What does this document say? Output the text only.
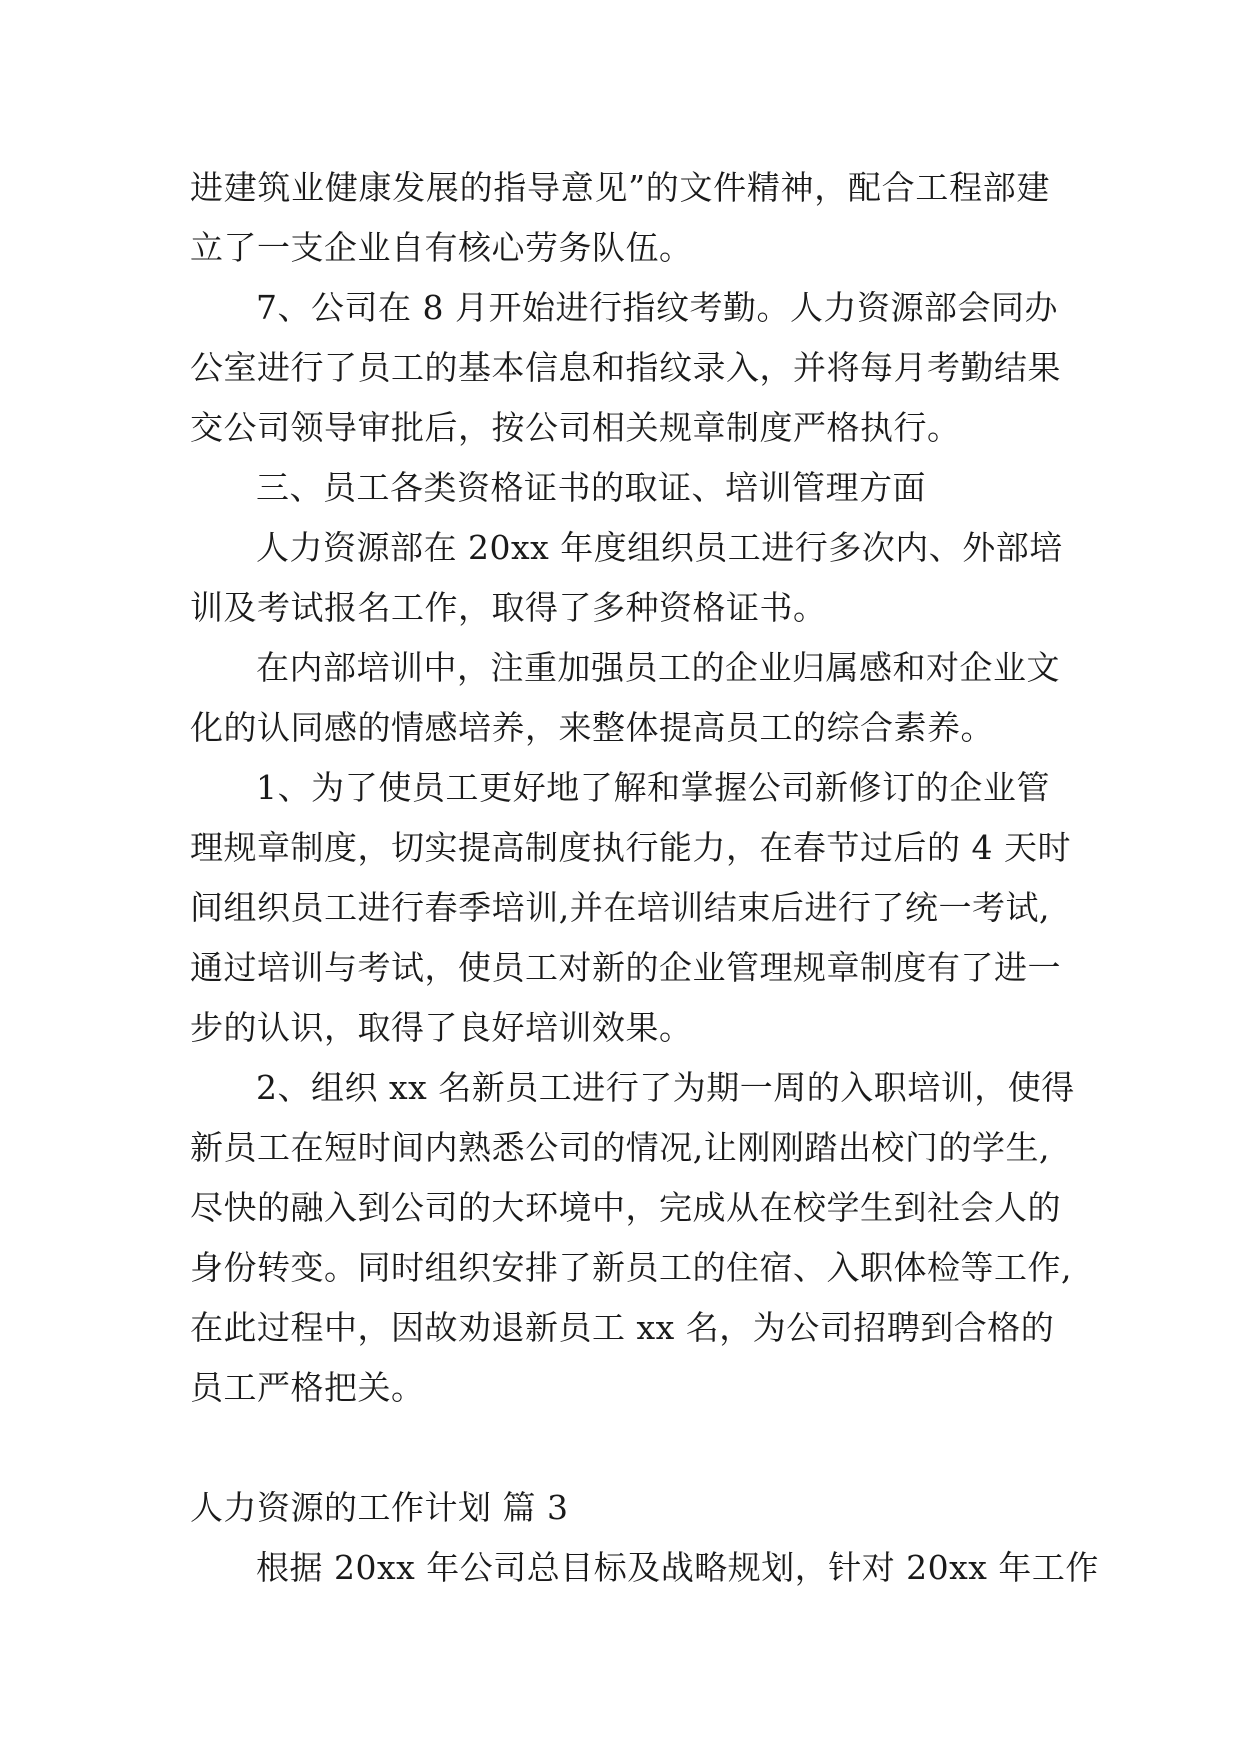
进建筑业健康发展的指导意见”的文件精神，配合工程部建
立了一支企业自有核心劳务队伍。
7、公司在 8 月开始进行指纹考勤。人力资源部会同办
公室进行了员工的基本信息和指纹录入，并将每月考勤结果
交公司领导审批后，按公司相关规章制度严格执行。
三、员工各类资格证书的取证、培训管理方面
人力资源部在 20xx 年度组织员工进行多次内、外部培
训及考试报名工作，取得了多种资格证书。
在内部培训中，注重加强员工的企业归属感和对企业文
化的认同感的情感培养，来整体提高员工的综合素养。
1、为了使员工更好地了解和掌握公司新修订的企业管
理规章制度，切实提高制度执行能力，在春节过后的 4 天时
间组织员工进行春季培训,并在培训结束后进行了统一考试,
通过培训与考试，使员工对新的企业管理规章制度有了进一
步的认识，取得了良好培训效果。
2、组织 xx 名新员工进行了为期一周的入职培训，使得
新员工在短时间内熟悉公司的情况,让刚刚踏出校门的学生,
尽快的融入到公司的大环境中，完成从在校学生到社会人的
身份转变。同时组织安排了新员工的住宿、入职体检等工作,
在此过程中，因故劝退新员工 xx 名，为公司招聘到合格的
员工严格把关。
人力资源的工作计划 篇 3
根据 20xx 年公司总目标及战略规划，针对 20xx 年工作
